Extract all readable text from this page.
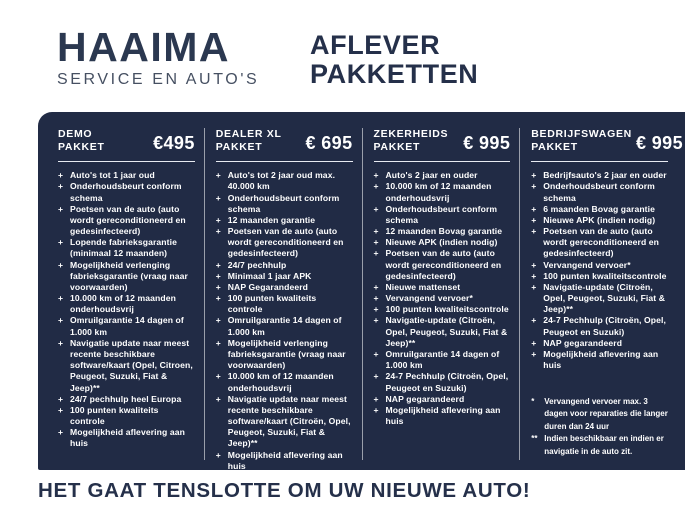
HAAIMA
SERVICE EN AUTO'S
AFLEVER
PAKKETTEN
DEMO
PAKKET	€495
+ Auto's tot 1 jaar oud
+ Onderhoudsbeurt conform schema
+ Poetsen van de auto (auto wordt gereconditioneerd en gedesinfecteerd)
+ Lopende fabrieksgarantie (minimaal 12 maanden)
+ Mogelijkheid verlenging fabrieksgarantie (vraag naar voorwaarden)
+ 10.000 km of 12 maanden onderhoudsvrij
+ Omruilgarantie 14 dagen of 1.000 km
+ Navigatie update naar meest recente beschikbare software/kaart (Opel, Citroen, Peugeot, Suzuki, Fiat & Jeep)**
+ 24/7 pechhulp heel Europa
+ 100 punten kwaliteits controle
+ Mogelijkheid aflevering aan huis
DEALER XL
PAKKET	€ 695
+ Auto's tot 2 jaar oud max. 40.000 km
+ Onderhoudsbeurt conform schema
+ 12 maanden garantie
+ Poetsen van de auto (auto wordt gereconditioneerd en gedesinfecteerd)
+ 24/7 pechhulp
+ Minimaal 1 jaar APK
+ NAP Gegarandeerd
+ 100 punten kwaliteits controle
+ Omruilgarantie 14 dagen of 1.000 km
+ Mogelijkheid verlenging fabrieksgarantie (vraag naar voorwaarden)
+ 10.000 km of 12 maanden onderhoudsvrij
+ Navigatie update naar meest recente beschikbare software/kaart (Citroën, Opel, Peugeot, Suzuki, Fiat & Jeep)**
+ Mogelijkheid aflevering aan huis
ZEKERHEIDS
PAKKET	€ 995
+ Auto's 2 jaar en ouder
+ 10.000 km of 12 maanden onderhoudsvrij
+ Onderhoudsbeurt conform schema
+ 12 maanden Bovag garantie
+ Nieuwe APK (indien nodig)
+ Poetsen van de auto (auto wordt gereconditioneerd en gedesinfecteerd)
+ Nieuwe mattenset
+ Vervangend vervoer*
+ 100 punten kwaliteitscontrole
+ Navigatie-update (Citroën, Opel, Peugeot, Suzuki, Fiat & Jeep)**
+ Omruilgarantie 14 dagen of 1.000 km
+ 24-7 Pechhulp (Citroën, Opel, Peugeot en Suzuki)
+ NAP gegarandeerd
+ Mogelijkheid aflevering aan huis
BEDRIJFSWAGEN
PAKKET	€ 995
+ Bedrijfsauto's 2 jaar en ouder
+ Onderhoudsbeurt conform schema
+ 6 maanden Bovag garantie
+ Nieuwe APK (indien nodig)
+ Poetsen van de auto (auto wordt gereconditioneerd en gedesinfecteerd)
+ Vervangend vervoer*
+ 100 punten kwaliteitscontrole
+ Navigatie-update (Citroën, Opel, Peugeot, Suzuki, Fiat & Jeep)**
+ 24-7 Pechhulp (Citroën, Opel, Peugeot en Suzuki)
+ NAP gegarandeerd
+ Mogelijkheid aflevering aan huis
*	Vervangend vervoer max. 3 dagen voor reparaties die langer duren dan 24 uur
** Indien beschikbaar en indien er navigatie in de auto zit.
HET GAAT TENSLOTTE OM UW NIEUWE AUTO!
